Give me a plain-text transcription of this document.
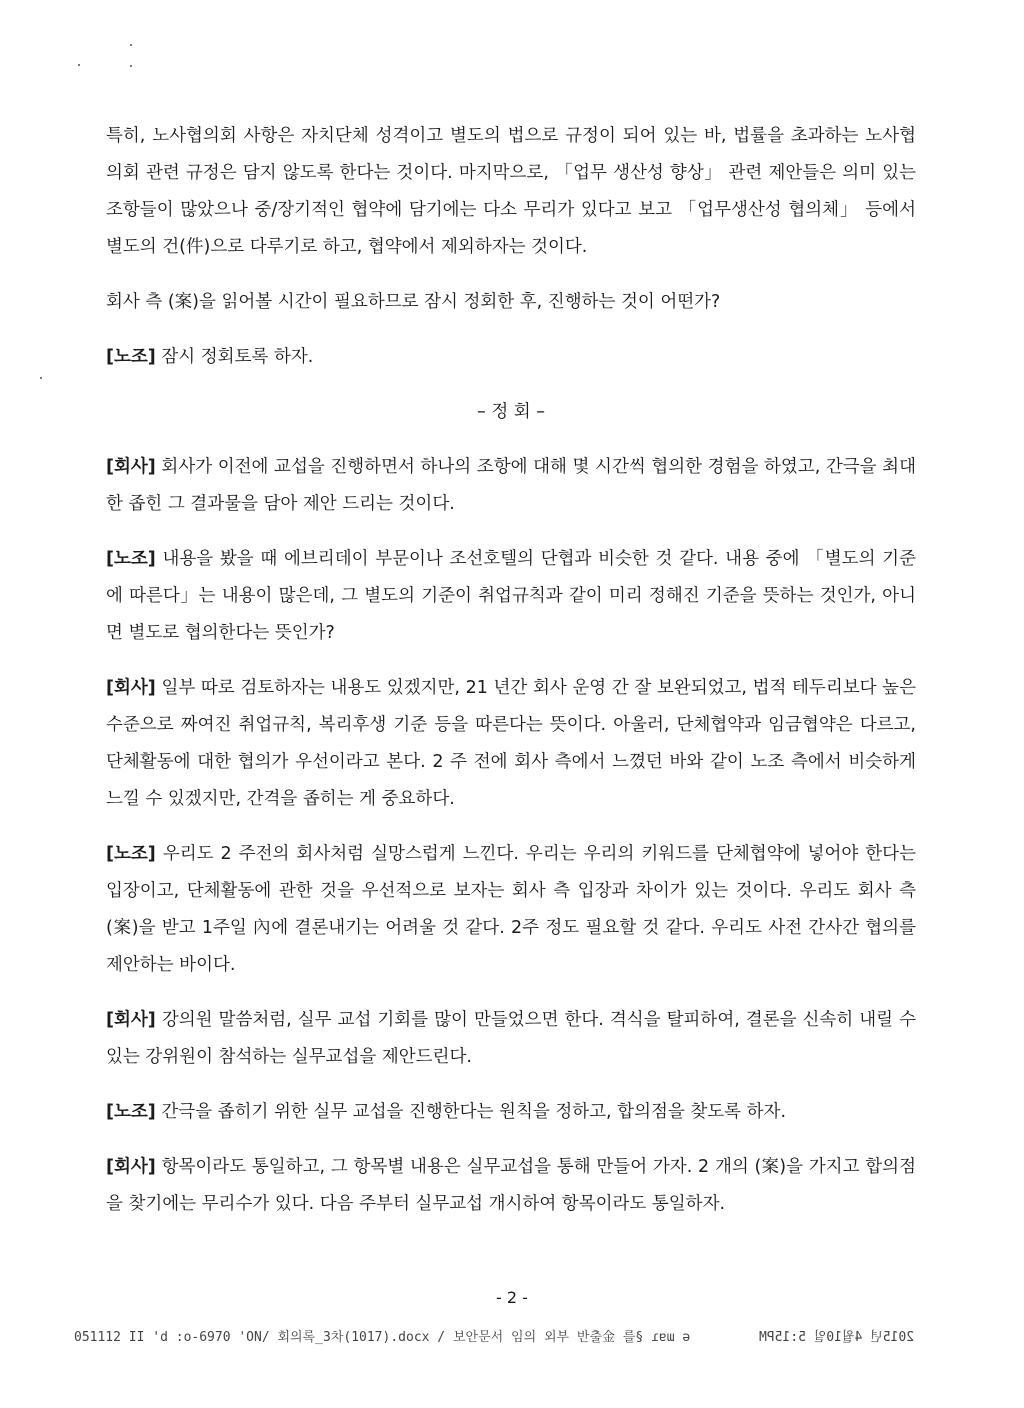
특히, 노사협의회 사항은 자치단체 성격이고 별도의 법으로 규정이 되어 있는 바, 법률을 초과하는 노사협의회 관련 규정은 담지 않도록 한다는 것이다. 마지막으로, 「업무 생산성 향상」 관련 제안들은 의미 있는 조항들이 많았으나 중/장기적인 협약에 담기에는 다소 무리가 있다고 보고 「업무생산성 협의체」 등에서 별도의 건(件)으로 다루기로 하고, 협약에서 제외하자는 것이다.

회사 측 (案)을 읽어볼 시간이 필요하므로 잠시 정회한 후, 진행하는 것이 어떤가?

[노조] 잠시 정회토록 하자.

– 정 회 –

[회사] 회사가 이전에 교섭을 진행하면서 하나의 조항에 대해 몇 시간씩 협의한 경험을 하였고, 간극을 최대한 좁힌 그 결과물을 담아 제안 드리는 것이다.

[노조] 내용을 봤을 때 에브리데이 부문이나 조선호텔의 단협과 비슷한 것 같다. 내용 중에 「별도의 기준에 따른다」는 내용이 많은데, 그 별도의 기준이 취업규칙과 같이 미리 정해진 기준을 뜻하는 것인가, 아니면 별도로 협의한다는 뜻인가?

[회사] 일부 따로 검토하자는 내용도 있겠지만, 21 년간 회사 운영 간 잘 보완되었고, 법적 테두리보다 높은 수준으로 짜여진 취업규칙, 복리후생 기준 등을 따른다는 뜻이다. 아울러, 단체협약과 임금협약은 다르고, 단체활동에 대한 협의가 우선이라고 본다. 2 주 전에 회사 측에서 느꼈던 바와 같이 노조 측에서 비슷하게 느낄 수 있겠지만, 간격을 좁히는 게 중요하다.

[노조] 우리도 2 주전의 회사처럼 실망스럽게 느낀다. 우리는 우리의 키워드를 단체협약에 넣어야 한다는 입장이고, 단체활동에 관한 것을 우선적으로 보자는 회사 측 입장과 차이가 있는 것이다. 우리도 회사 측 (案)을 받고 1주일 內에 결론내기는 어려울 것 같다. 2주 정도 필요할 것 같다. 우리도 사전 간사간 협의를 제안하는 바이다.

[회사] 강의원 말씀처럼, 실무 교섭 기회를 많이 만들었으면 한다. 격식을 탈피하여, 결론을 신속히 내릴 수 있는 강위원이 참석하는 실무교섭을 제안드린다.

[노조] 간극을 좁히기 위한 실무 교섭을 진행한다는 원칙을 정하고, 합의점을 찾도록 하자.

[회사] 항목이라도 통일하고, 그 항목별 내용은 실무교섭을 통해 만들어 가자. 2 개의 (案)을 가지고 합의점을 찾기에는 무리수가 있다. 다음 주부터 실무교섭 개시하여 항목이라도 통일하자.

- 2 -
051112 II 'd :o-6970 'ON/ 회의록_3차(1017).docx / 보안문서 임의 외부 반출金 를§ ɾɐɯ ǝ	2015년 4월10일 5:15PM
